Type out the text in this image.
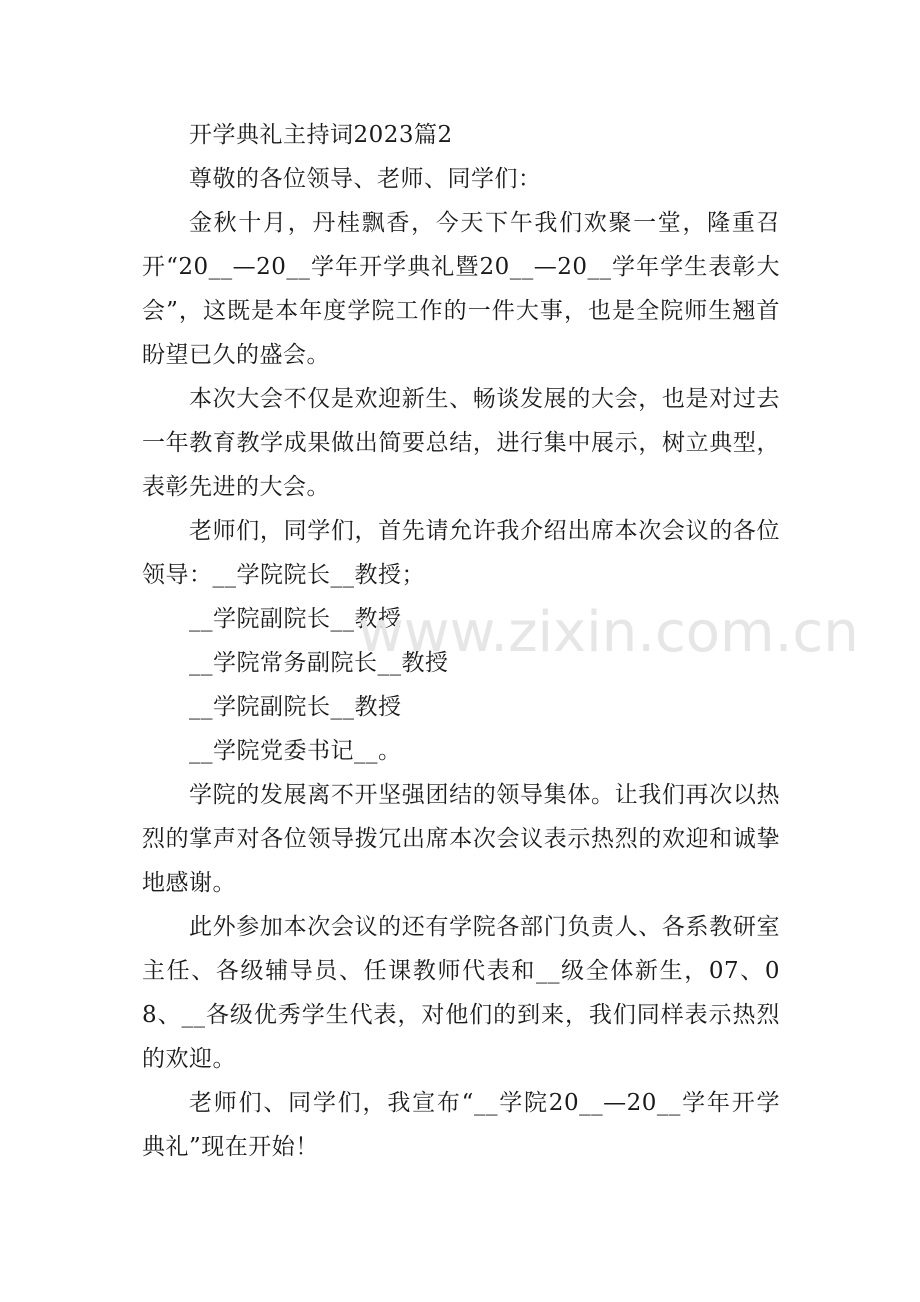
开学典礼主持词2023篇2

尊敬的各位领导、老师、同学们：

金秋十月，丹桂飘香，今天下午我们欢聚一堂，隆重召开“20__—20__学年开学典礼暨20__—20__学年学生表彰大会”，这既是本年度学院工作的一件大事，也是全院师生翘首盼望已久的盛会。

本次大会不仅是欢迎新生、畅谈发展的大会，也是对过去一年教育教学成果做出简要总结，进行集中展示，树立典型，表彰先进的大会。

老师们，同学们，首先请允许我介绍出席本次会议的各位领导：__学院院长__教授；

__学院副院长__教授

__学院常务副院长__教授

__学院副院长__教授

__学院党委书记__。

学院的发展离不开坚强团结的领导集体。让我们再次以热烈的掌声对各位领导拨冗出席本次会议表示热烈的欢迎和诚挚地感谢。

此外参加本次会议的还有学院各部门负责人、各系教研室主任、各级辅导员、任课教师代表和__级全体新生，07、08、__各级优秀学生代表，对他们的到来，我们同样表示热烈的欢迎。

老师们、同学们，我宣布“__学院20__—20__学年开学典礼”现在开始！

www.zixin.com.cn
